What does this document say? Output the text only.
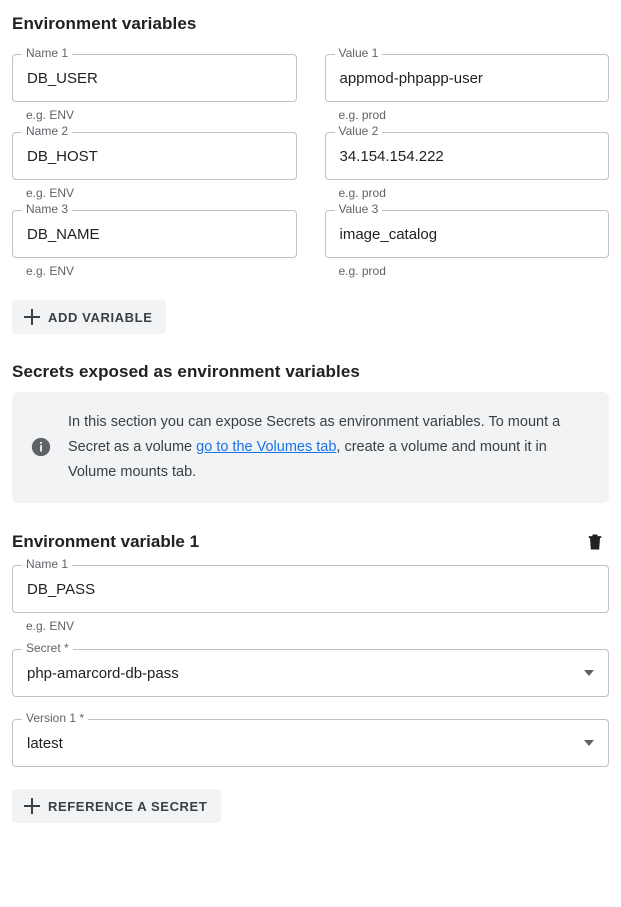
Environment variables
Name 1
DB_USER
e.g. ENV
Value 1
appmod-phpapp-user
e.g. prod
Name 2
DB_HOST
e.g. ENV
Value 2
34.154.154.222
e.g. prod
Name 3
DB_NAME
e.g. ENV
Value 3
image_catalog
e.g. prod
ADD VARIABLE
Secrets exposed as environment variables
In this section you can expose Secrets as environment variables. To mount a Secret as a volume go to the Volumes tab, create a volume and mount it in Volume mounts tab.
Environment variable 1
Name 1
DB_PASS
e.g. ENV
Secret *
php-amarcord-db-pass
Version 1 *
latest
REFERENCE A SECRET
